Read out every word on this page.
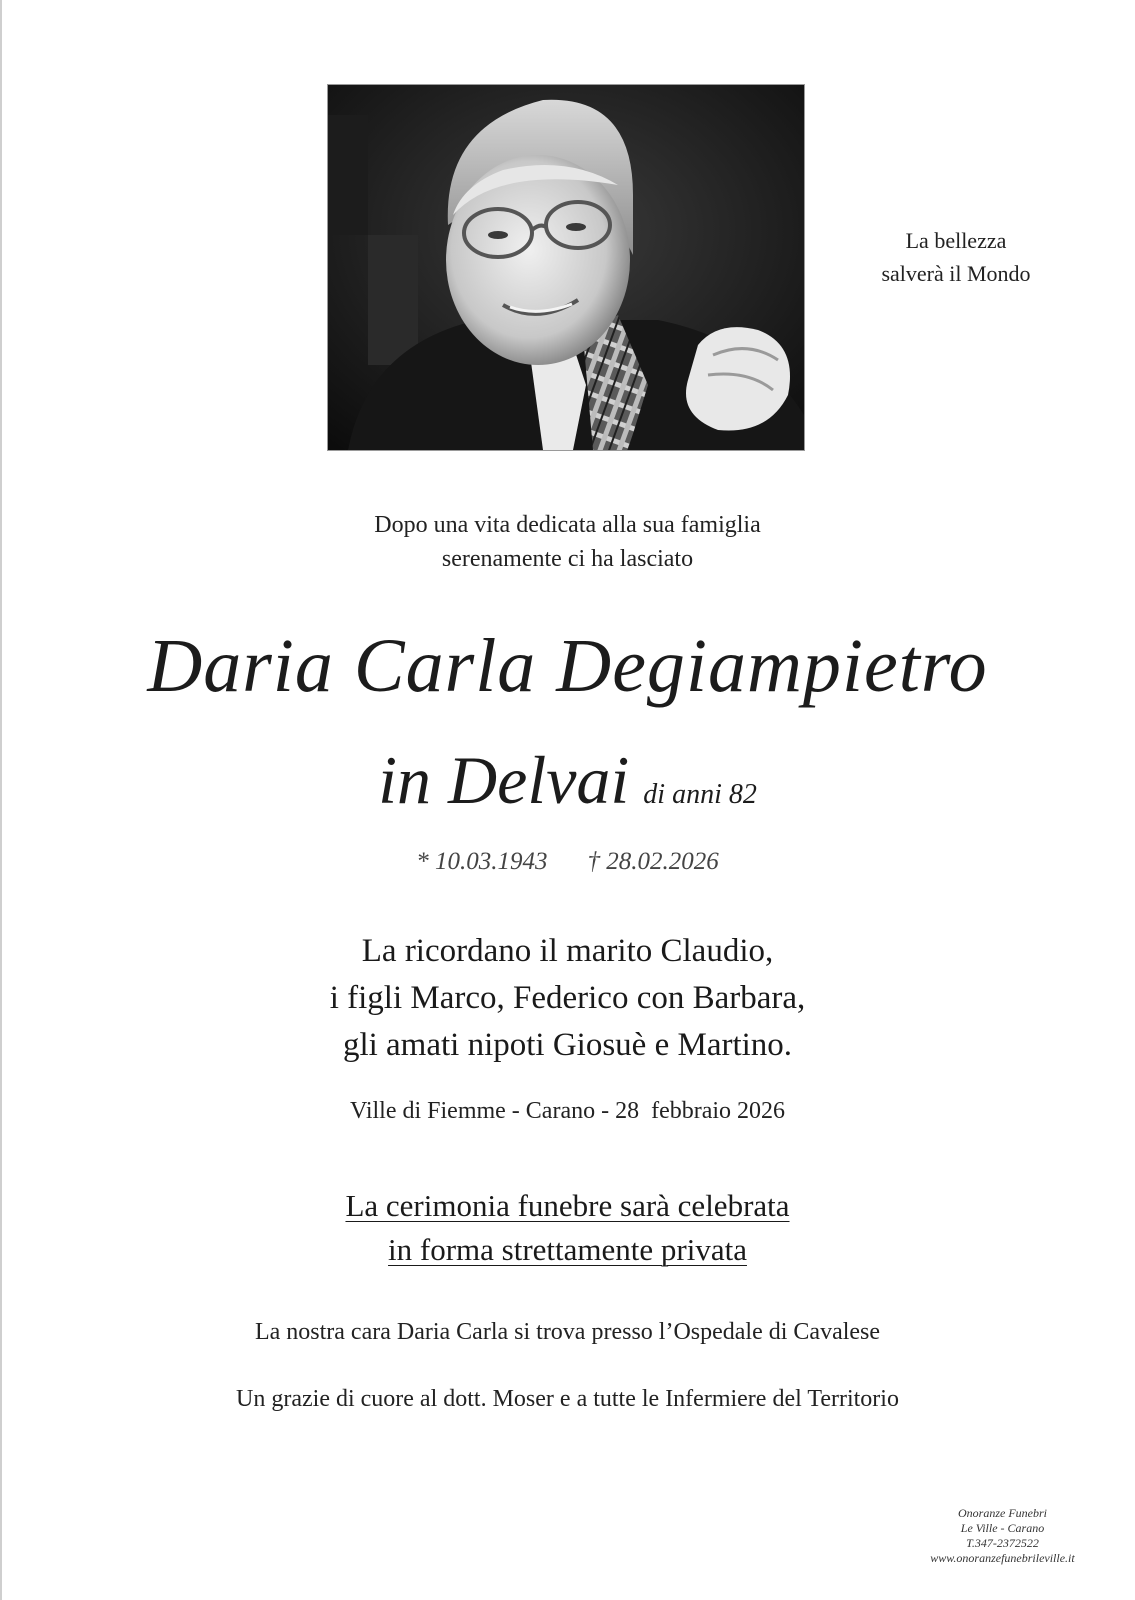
La bellezza
salverà il Mondo
Dopo una vita dedicata alla sua famiglia
serenamente ci ha lasciato
Daria Carla Degiampietro
in Delvai di anni 82
* 10.03.1943 † 28.02.2026
La ricordano il marito Claudio,
i figli Marco, Federico con Barbara,
gli amati nipoti Giosuè e Martino.
Ville di Fiemme - Carano - 28  febbraio 2026
La cerimonia funebre sarà celebrata
in forma strettamente privata
La nostra cara Daria Carla si trova presso l’Ospedale di Cavalese
Un grazie di cuore al dott. Moser e a tutte le Infermiere del Territorio
Onoranze Funebri
Le Ville - Carano
T.347-2372522
www.onoranzefunebrileville.it
